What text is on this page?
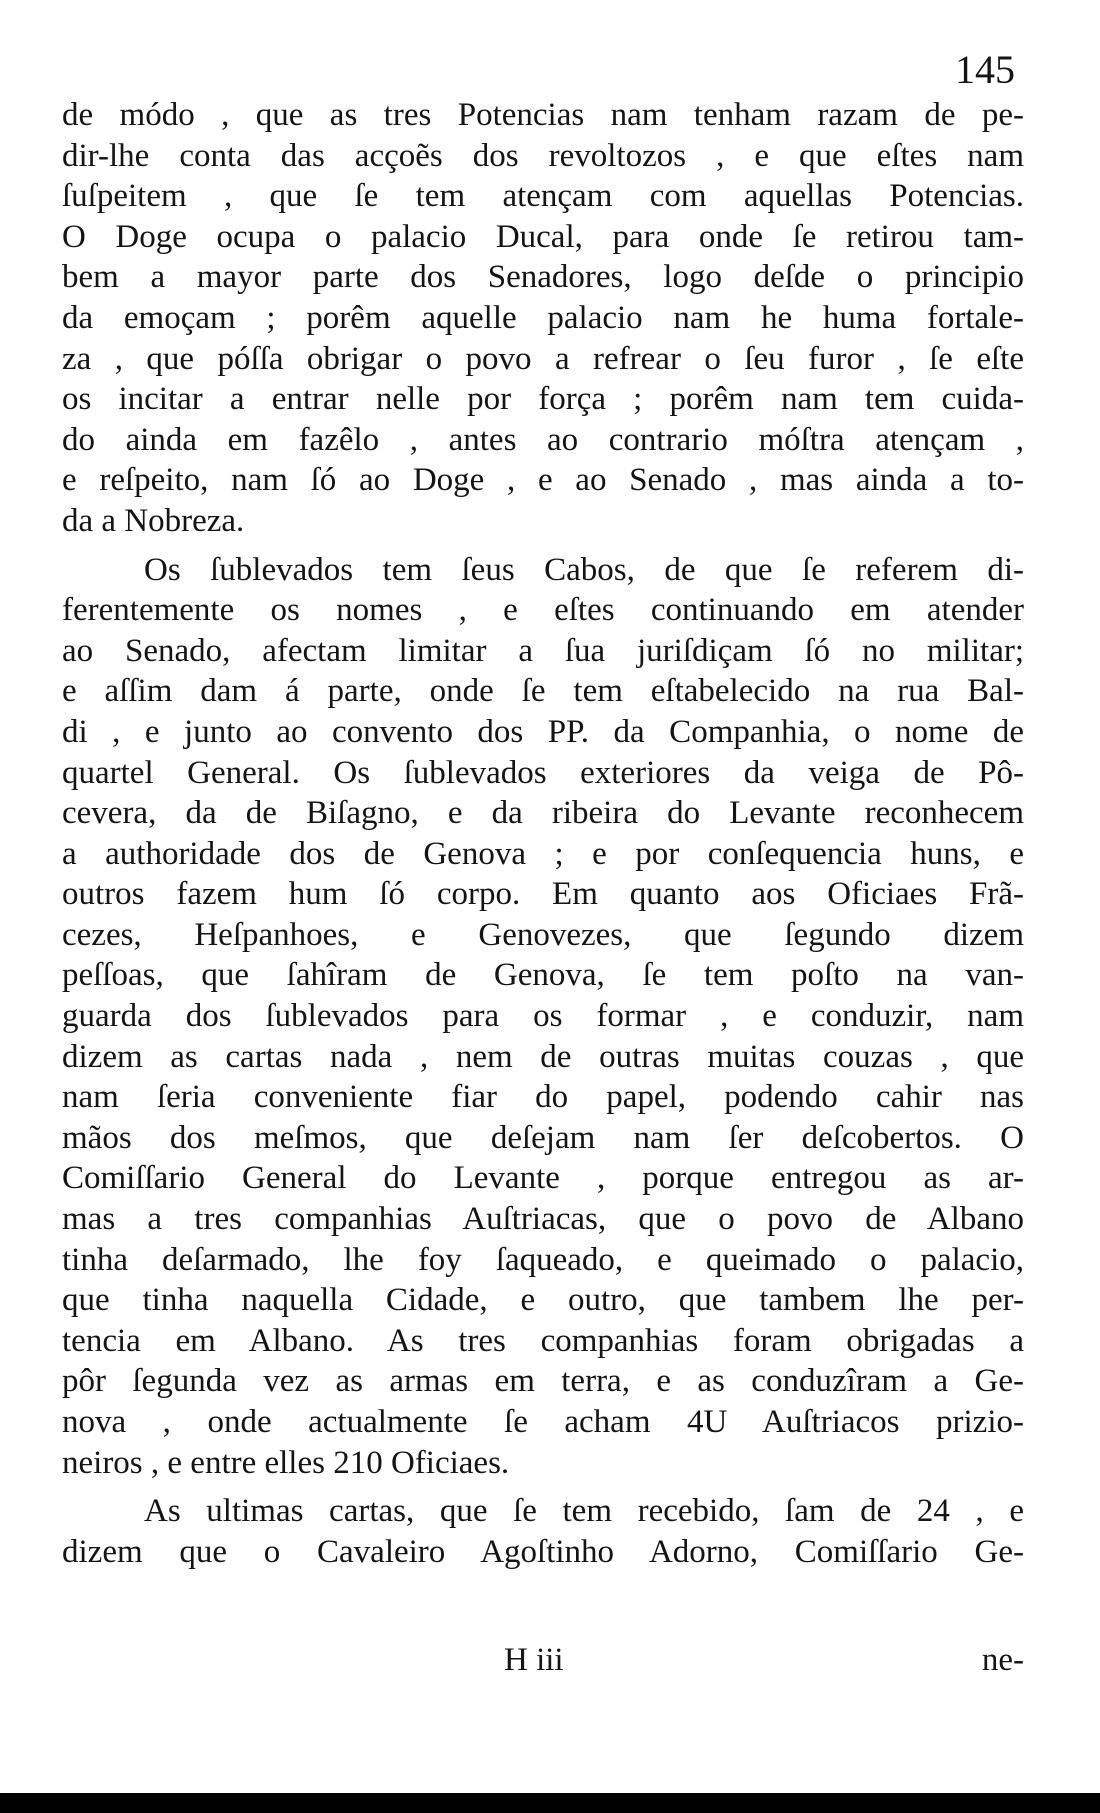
145
de módo , que as tres Potencias nam tenham razam de pe-
dir-lhe conta das acçoẽs dos revoltozos , e que eſtes nam
ſuſpeitem , que ſe tem atençam com aquellas Potencias.
O Doge ocupa o palacio Ducal, para onde ſe retirou tam-
bem a mayor parte dos Senadores, logo deſde o principio
da emoçam ; porêm aquelle palacio nam he huma fortale-
za , que póſſa obrigar o povo a refrear o ſeu furor , ſe eſte
os incitar a entrar nelle por força ; porêm nam tem cuida-
do ainda em fazêlo , antes ao contrario móſtra atençam ,
e reſpeito, nam ſó ao Doge , e ao Senado , mas ainda a to-
da a Nobreza.
Os ſublevados tem ſeus Cabos, de que ſe referem di-
ferentemente os nomes , e eſtes continuando em atender
ao Senado, afectam limitar a ſua juriſdiçam ſó no militar;
e aſſim dam á parte, onde ſe tem eſtabelecido na rua Bal-
di , e junto ao convento dos PP. da Companhia, o nome de
quartel General. Os ſublevados exteriores da veiga de Pô-
cevera, da de Biſagno, e da ribeira do Levante reconhecem
a authoridade dos de Genova ; e por conſequencia huns, e
outros fazem hum ſó corpo. Em quanto aos Oficiaes Frã-
cezes, Heſpanhoes, e Genovezes, que ſegundo dizem
peſſoas, que ſahîram de Genova, ſe tem poſto na van-
guarda dos ſublevados para os formar , e conduzir, nam
dizem as cartas nada , nem de outras muitas couzas , que
nam ſeria conveniente fiar do papel, podendo cahir nas
mãos dos meſmos, que deſejam nam ſer deſcobertos. O
Comiſſario General do Levante , porque entregou as ar-
mas a tres companhias Auſtriacas, que o povo de Albano
tinha deſarmado, lhe foy ſaqueado, e queimado o palacio,
que tinha naquella Cidade, e outro, que tambem lhe per-
tencia em Albano. As tres companhias foram obrigadas a
pôr ſegunda vez as armas em terra, e as conduzîram a Ge-
nova , onde actualmente ſe acham 4U Auſtriacos prizio-
neiros , e entre elles 210 Oficiaes.
As ultimas cartas, que ſe tem recebido, ſam de 24 , e
dizem que o Cavaleiro Agoſtinho Adorno, Comiſſario Ge-
H iii	ne-
